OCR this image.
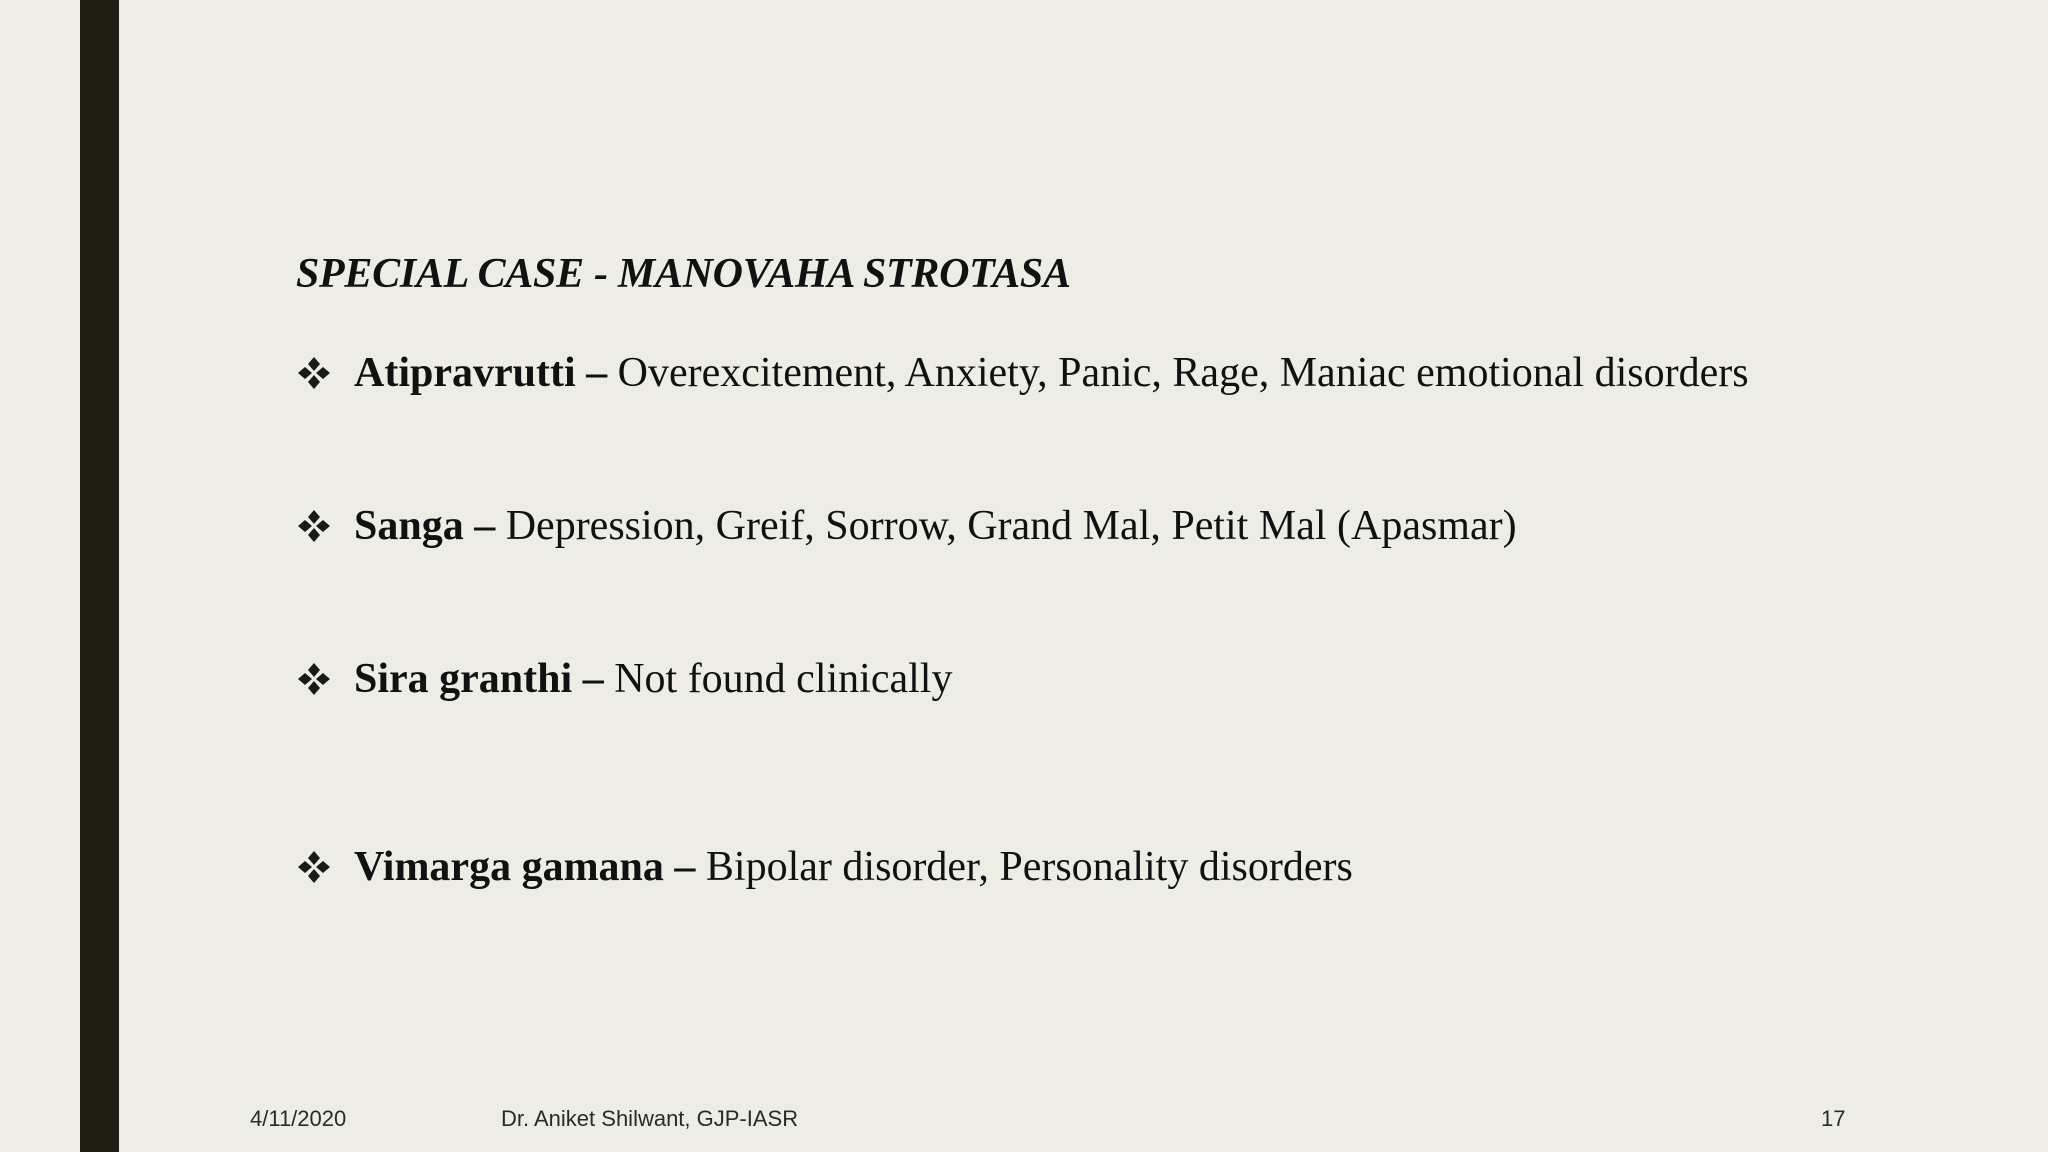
SPECIAL CASE - MANOVAHA STROTASA
Atipravrutti – Overexcitement, Anxiety, Panic, Rage, Maniac emotional disorders
Sanga – Depression, Greif, Sorrow, Grand Mal, Petit Mal (Apasmar)
Sira granthi – Not found clinically
Vimarga gamana – Bipolar disorder, Personality disorders
4/11/2020	Dr. Aniket Shilwant, GJP-IASR	17
